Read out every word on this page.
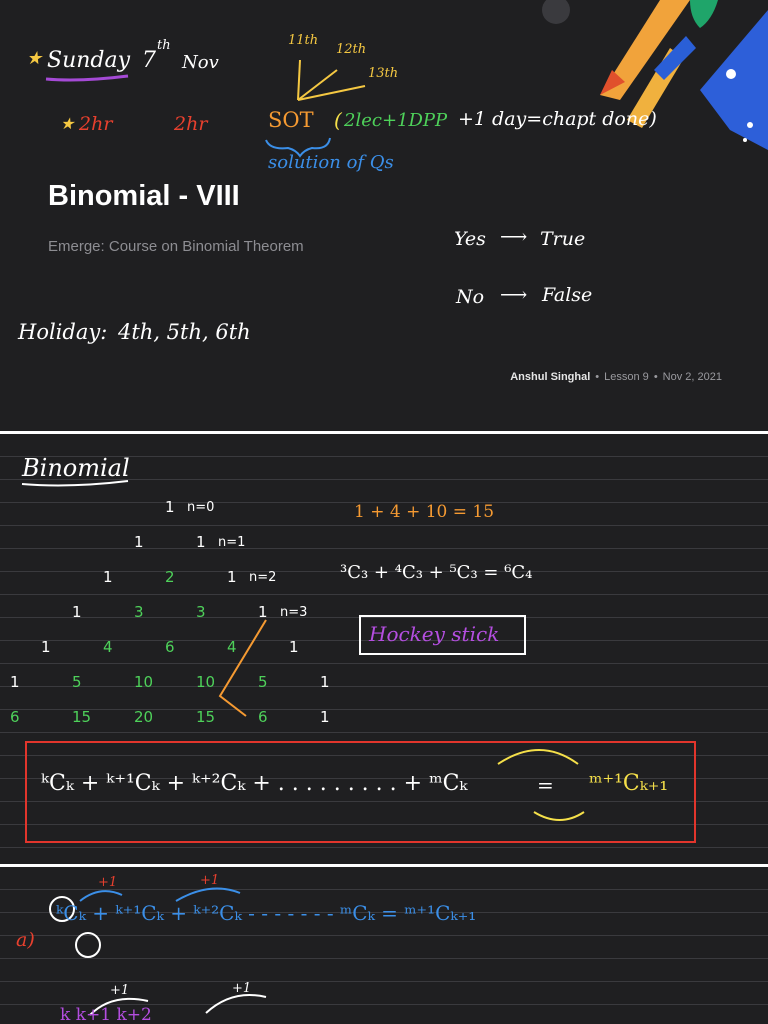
★ Sunday 7
th
Nov
11th
12th
13th
★ 2hr	2hr	SOT ( 2lec+1DPP +1 day=chapt done)
solution of Qs
Binomial - VIII
Emerge: Course on Binomial Theorem	Yes ⟶ True
No ⟶ False
Holiday: 4th, 5th, 6th
Anshul Singhal • Lesson 9 • Nov 2, 2021
Binomial
1 n=0
1	1 n=1
1	2	1 n=2
1	3	3	1 n=3
1	4	6	4	1
1	5	10	10	5	1
6	15	20	15	6	1
1 + 4 + 10 = 15
³C₃ + ⁴C₃ + ⁵C₃ = ⁶C₄
Hockey stick
ᵏCₖ + ᵏ⁺¹Cₖ + ᵏ⁺²Cₖ + . . . . . . . . . + ᵐCₖ	= ᵐ⁺¹Cₖ₊₁
+1	+1
a)
ᵏCₖ + ᵏ⁺¹Cₖ + ᵏ⁺²Cₖ - - - - - - - ᵐCₖ = ᵐ⁺¹Cₖ₊₁
+1	+1
k k+1 k+2
